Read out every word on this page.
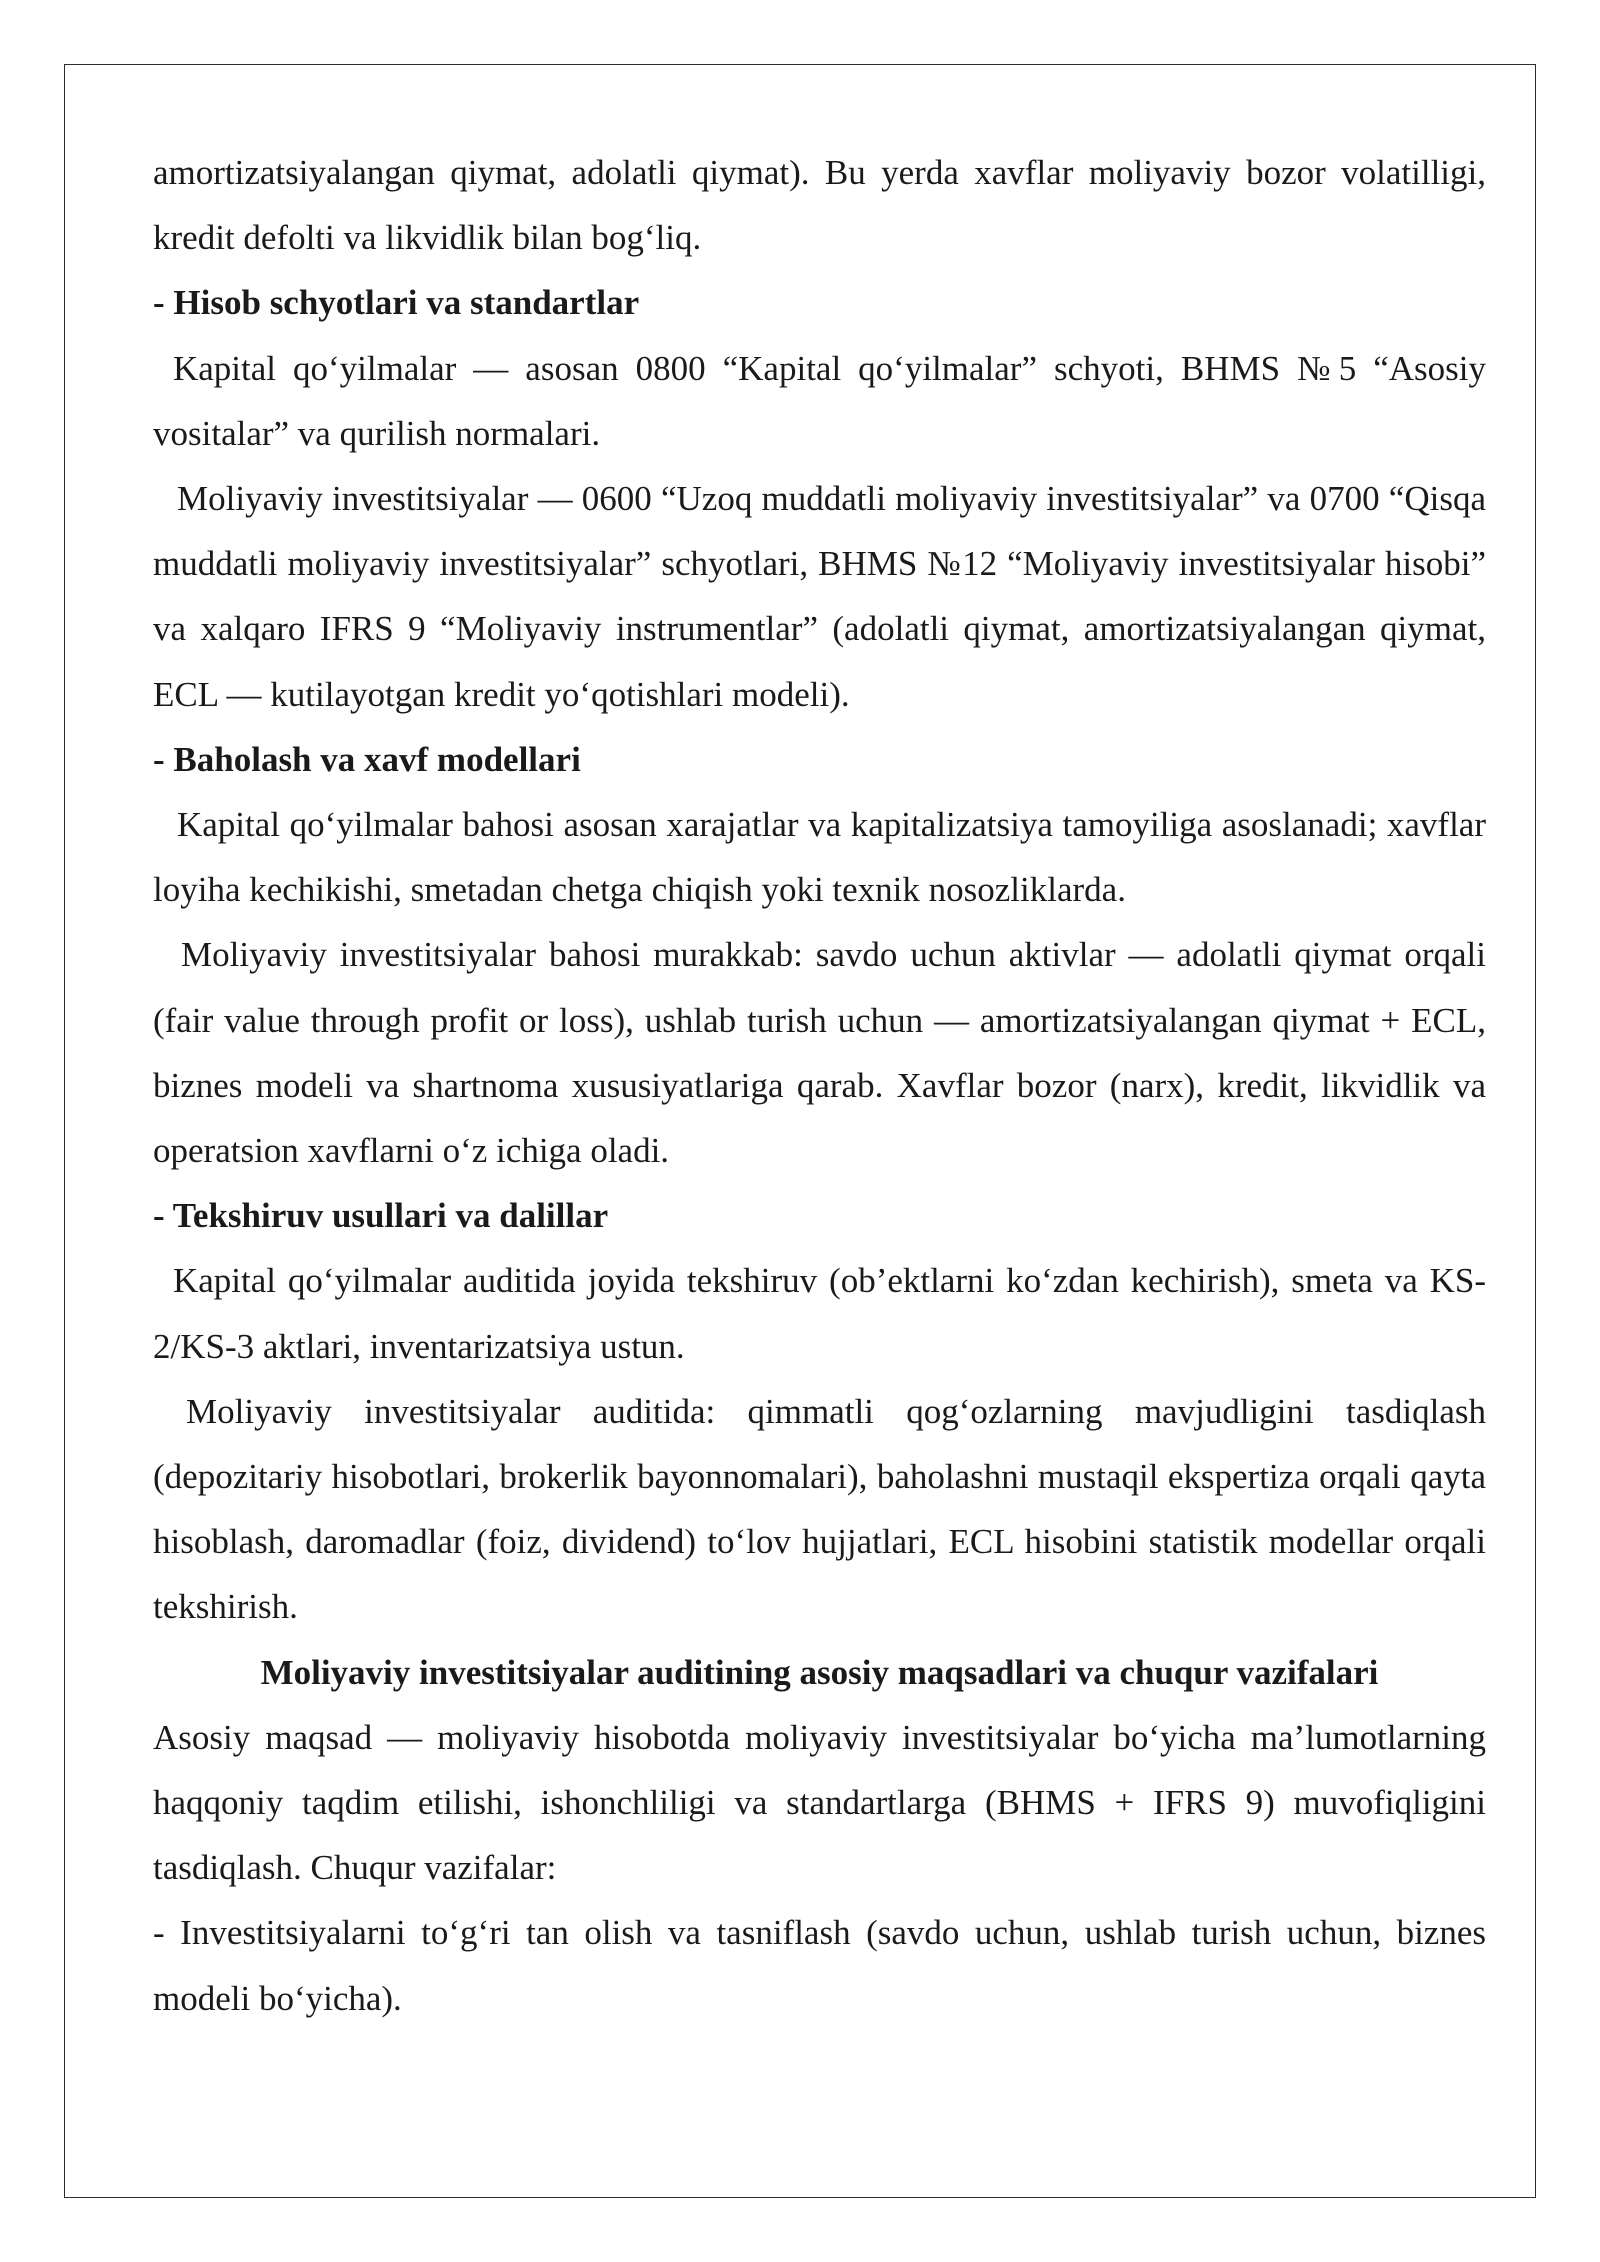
amortizatsiyalangan qiymat, adolatli qiymat). Bu yerda xavflar moliyaviy bozor volatilligi, kredit defolti va likvidlik bilan bog‘liq.

- Hisob schyotlari va standartlar

Kapital qo‘yilmalar — asosan 0800 “Kapital qo‘yilmalar” schyoti, BHMS №5 “Asosiy vositalar” va qurilish normalari.

Moliyaviy investitsiyalar — 0600 “Uzoq muddatli moliyaviy investitsiyalar” va 0700 “Qisqa muddatli moliyaviy investitsiyalar” schyotlari, BHMS №12 “Moliyaviy investitsiyalar hisobi” va xalqaro IFRS 9 “Moliyaviy instrumentlar” (adolatli qiymat, amortizatsiyalangan qiymat, ECL — kutilayotgan kredit yo‘qotishlari modeli).

- Baholash va xavf modellari

Kapital qo‘yilmalar bahosi asosan xarajatlar va kapitalizatsiya tamoyiliga asoslanadi; xavflar loyiha kechikishi, smetadan chetga chiqish yoki texnik nosozliklarda.

Moliyaviy investitsiyalar bahosi murakkab: savdo uchun aktivlar — adolatli qiymat orqali (fair value through profit or loss), ushlab turish uchun — amortizatsiyalangan qiymat + ECL, biznes modeli va shartnoma xususiyatlariga qarab. Xavflar bozor (narx), kredit, likvidlik va operatsion xavflarni o‘z ichiga oladi.

- Tekshiruv usullari va dalillar

Kapital qo‘yilmalar auditida joyida tekshiruv (ob’ektlarni ko‘zdan kechirish), smeta va KS-2/KS-3 aktlari, inventarizatsiya ustun.

Moliyaviy investitsiyalar auditida: qimmatli qog‘ozlarning mavjudligini tasdiqlash (depozitariy hisobotlari, brokerlik bayonnomalari), baholashni mustaqil ekspertiza orqali qayta hisoblash, daromadlar (foiz, dividend) to‘lov hujjatlari, ECL hisobini statistik modellar orqali tekshirish.

Moliyaviy investitsiyalar auditining asosiy maqsadlari va chuqur vazifalari

Asosiy maqsad — moliyaviy hisobotda moliyaviy investitsiyalar bo‘yicha ma’lumotlarning haqqoniy taqdim etilishi, ishonchliligi va standartlarga (BHMS + IFRS 9) muvofiqligini tasdiqlash. Chuqur vazifalar:

- Investitsiyalarni to‘g‘ri tan olish va tasniflash (savdo uchun, ushlab turish uchun, biznes modeli bo‘yicha).
